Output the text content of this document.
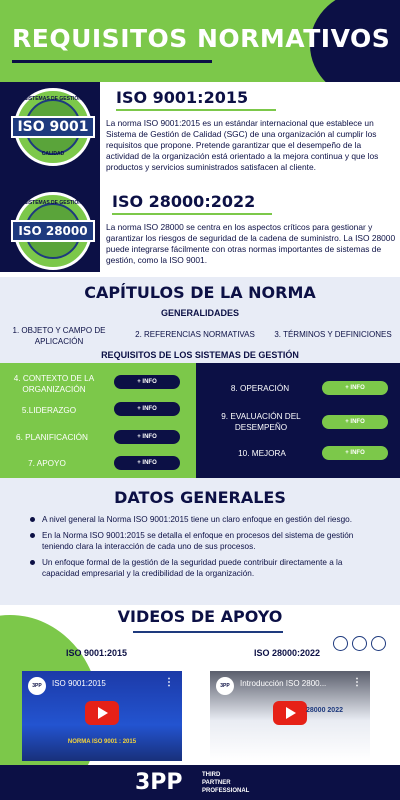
REQUISITOS NORMATIVOS
SISTEMAS DE GESTIÓN
ISO 9001
CALIDAD
ISO 9001:2015
La norma ISO 9001:2015 es un estándar internacional que establece un Sistema de Gestión de Calidad (SGC) de una organización al cumplir los requisitos que propone. Pretende garantizar que el desempeño de la actividad de la organización está orientado a la mejora continua y que los productos y servicios suministrados satisfacen al cliente.
SISTEMAS DE GESTIÓN
ISO 28000
ISO 28000:2022
La norma ISO 28000 se centra en los aspectos críticos para gestionar y garantizar los riesgos de seguridad de la cadena de suministro. La ISO 28000 puede integrarse fácilmente con otras normas importantes de sistemas de gestión, como la ISO 9001.
CAPÍTULOS DE LA NORMA
GENERALIDADES
1. OBJETO Y CAMPO DE APLICACIÓN
2. REFERENCIAS NORMATIVAS	3. TÉRMINOS Y DEFINICIONES
REQUISITOS DE LOS SISTEMAS DE GESTIÓN
4. CONTEXTO DE LA ORGANIZACIÓN
+ INFO
5.LIDERAZGO	+ INFO
6. PLANIFICACIÓN	+ INFO
7. APOYO	+ INFO
8. OPERACIÓN	+ INFO
9. EVALUACIÓN DEL DESEMPEÑO
+ INFO
10. MEJORA	+ INFO
DATOS GENERALES
A nivel general la Norma ISO 9001:2015 tiene un claro enfoque en gestión del riesgo.
En la Norma ISO 9001:2015 se detalla el enfoque en procesos del sistema de gestión teniendo clara la interacción de cada uno de sus procesos.
Un enfoque formal de la gestión de la seguridad puede contribuir directamente a la capacidad empresarial y la credibilidad de la organización.
VIDEOS DE APOYO
ISO 9001:2015	ISO 28000:2022
3PP	ISO 9001:2015	⋮
NORMA ISO 9001 : 2015
3PP	Introducción ISO 2800...	⋮
28000 2022
3PP	THIRD
PARTNER
PROFESSIONAL
